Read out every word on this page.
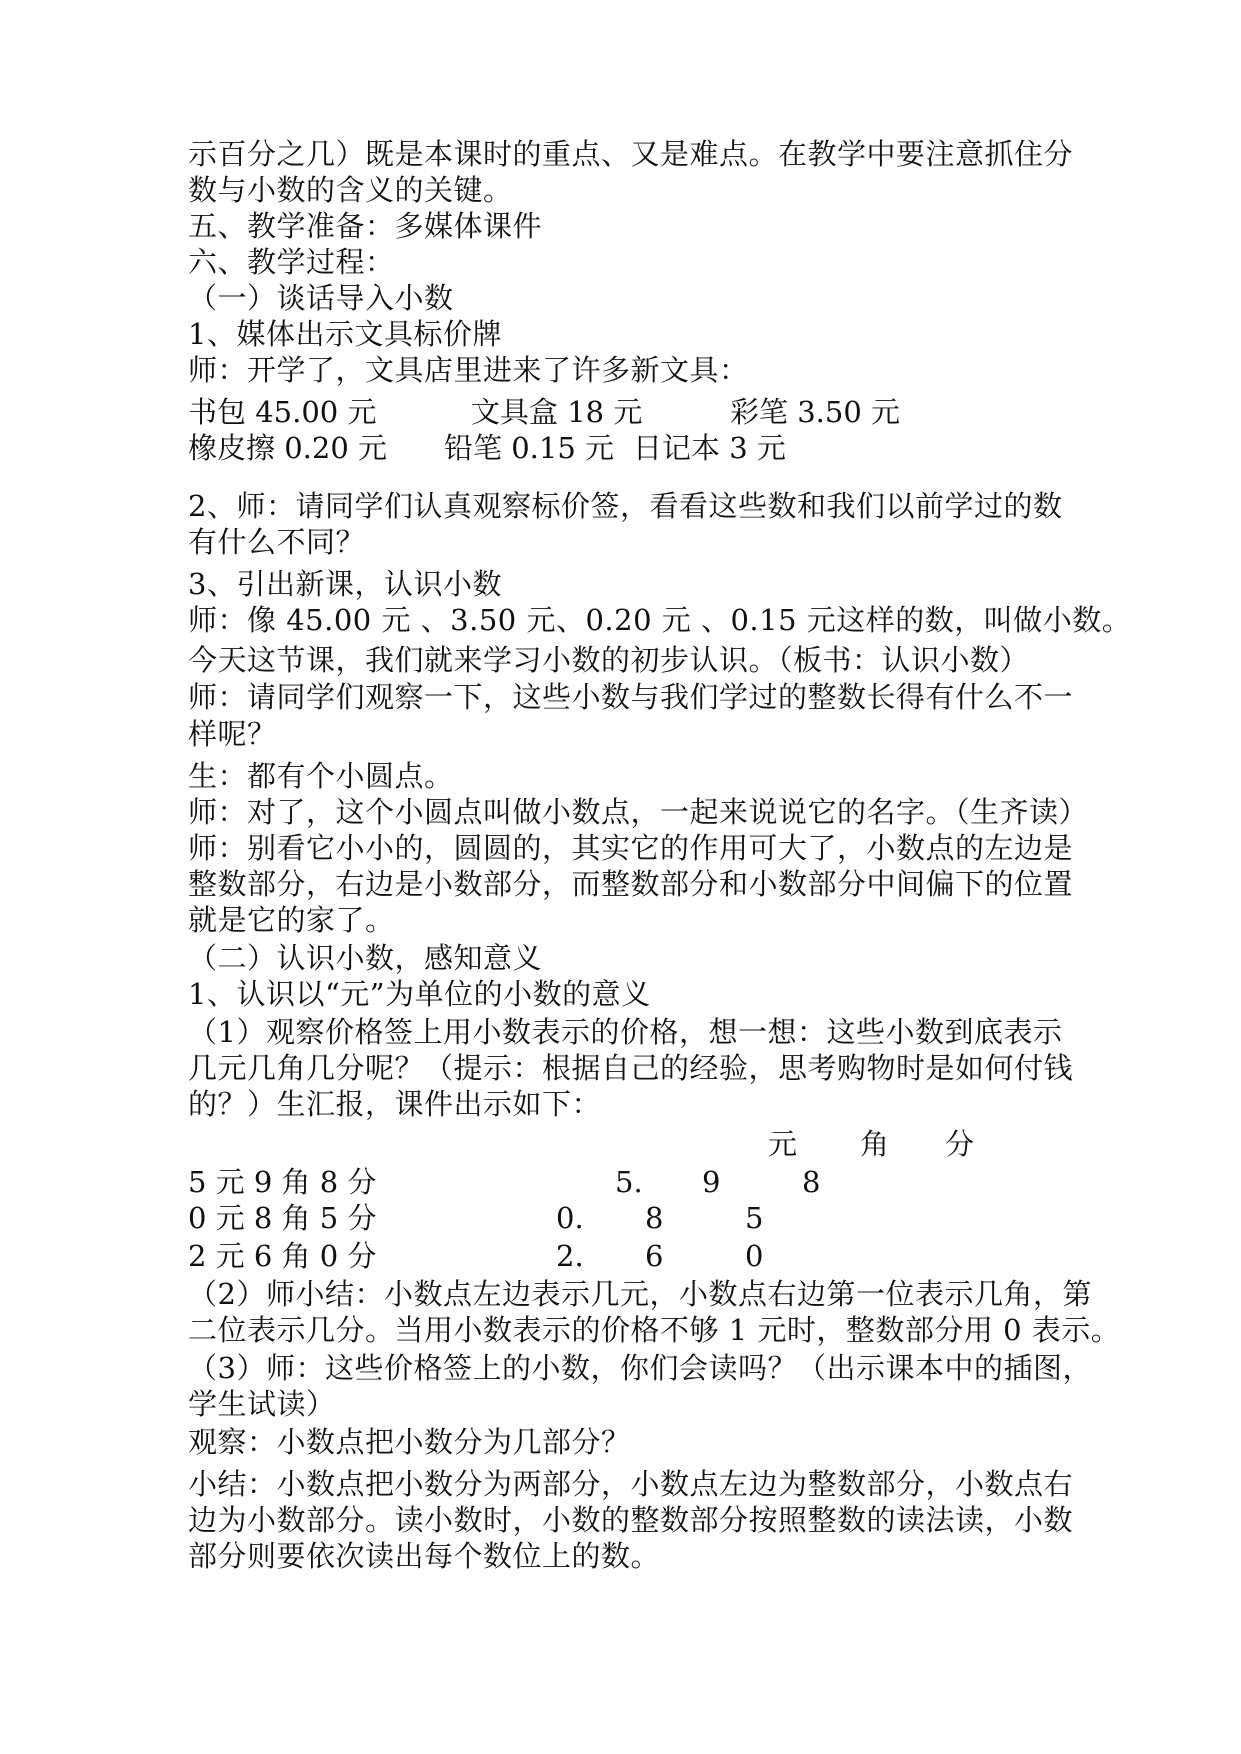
示百分之几）既是本课时的重点、又是难点。在教学中要注意抓住分
数与小数的含义的关键。
五、教学准备：多媒体课件
六、教学过程：
（一）谈话导入小数
1、媒体出示文具标价牌
师：开学了，文具店里进来了许多新文具：
书包 45.00 元	文具盒 18 元	彩笔 3.50 元
橡皮擦 0.20 元 铅笔 0.15 元 日记本 3 元
2、师：请同学们认真观察标价签，看看这些数和我们以前学过的数
有什么不同？
3、引出新课，认识小数
师：像 45.00 元 、3.50 元、0.20 元 、0.15 元这样的数，叫做小数。
今天这节课，我们就来学习小数的初步认识。（板书：认识小数）
师：请同学们观察一下，这些小数与我们学过的整数长得有什么不一
样呢？
生：都有个小圆点。
师：对了，这个小圆点叫做小数点，一起来说说它的名字。（生齐读）
师：别看它小小的，圆圆的，其实它的作用可大了，小数点的左边是
整数部分，右边是小数部分，而整数部分和小数部分中间偏下的位置
就是它的家了。
（二）认识小数，感知意义
1、认识以“元”为单位的小数的意义
（1）观察价格签上用小数表示的价格，想一想：这些小数到底表示
几元几角几分呢？（提示：根据自己的经验，思考购物时是如何付钱
的？）生汇报，课件出示如下：
元 角 分
5 元 9 角 8 分	5. 9	8
0 元 8 角 5 分	0. 8	5
2 元 6 角 0 分	2. 6	0
（2）师小结：小数点左边表示几元，小数点右边第一位表示几角，第
二位表示几分。当用小数表示的价格不够 1 元时，整数部分用 0 表示。
（3）师：这些价格签上的小数，你们会读吗？（出示课本中的插图，
学生试读）
观察：小数点把小数分为几部分？
小结：小数点把小数分为两部分，小数点左边为整数部分，小数点右
边为小数部分。读小数时，小数的整数部分按照整数的读法读，小数
部分则要依次读出每个数位上的数。
